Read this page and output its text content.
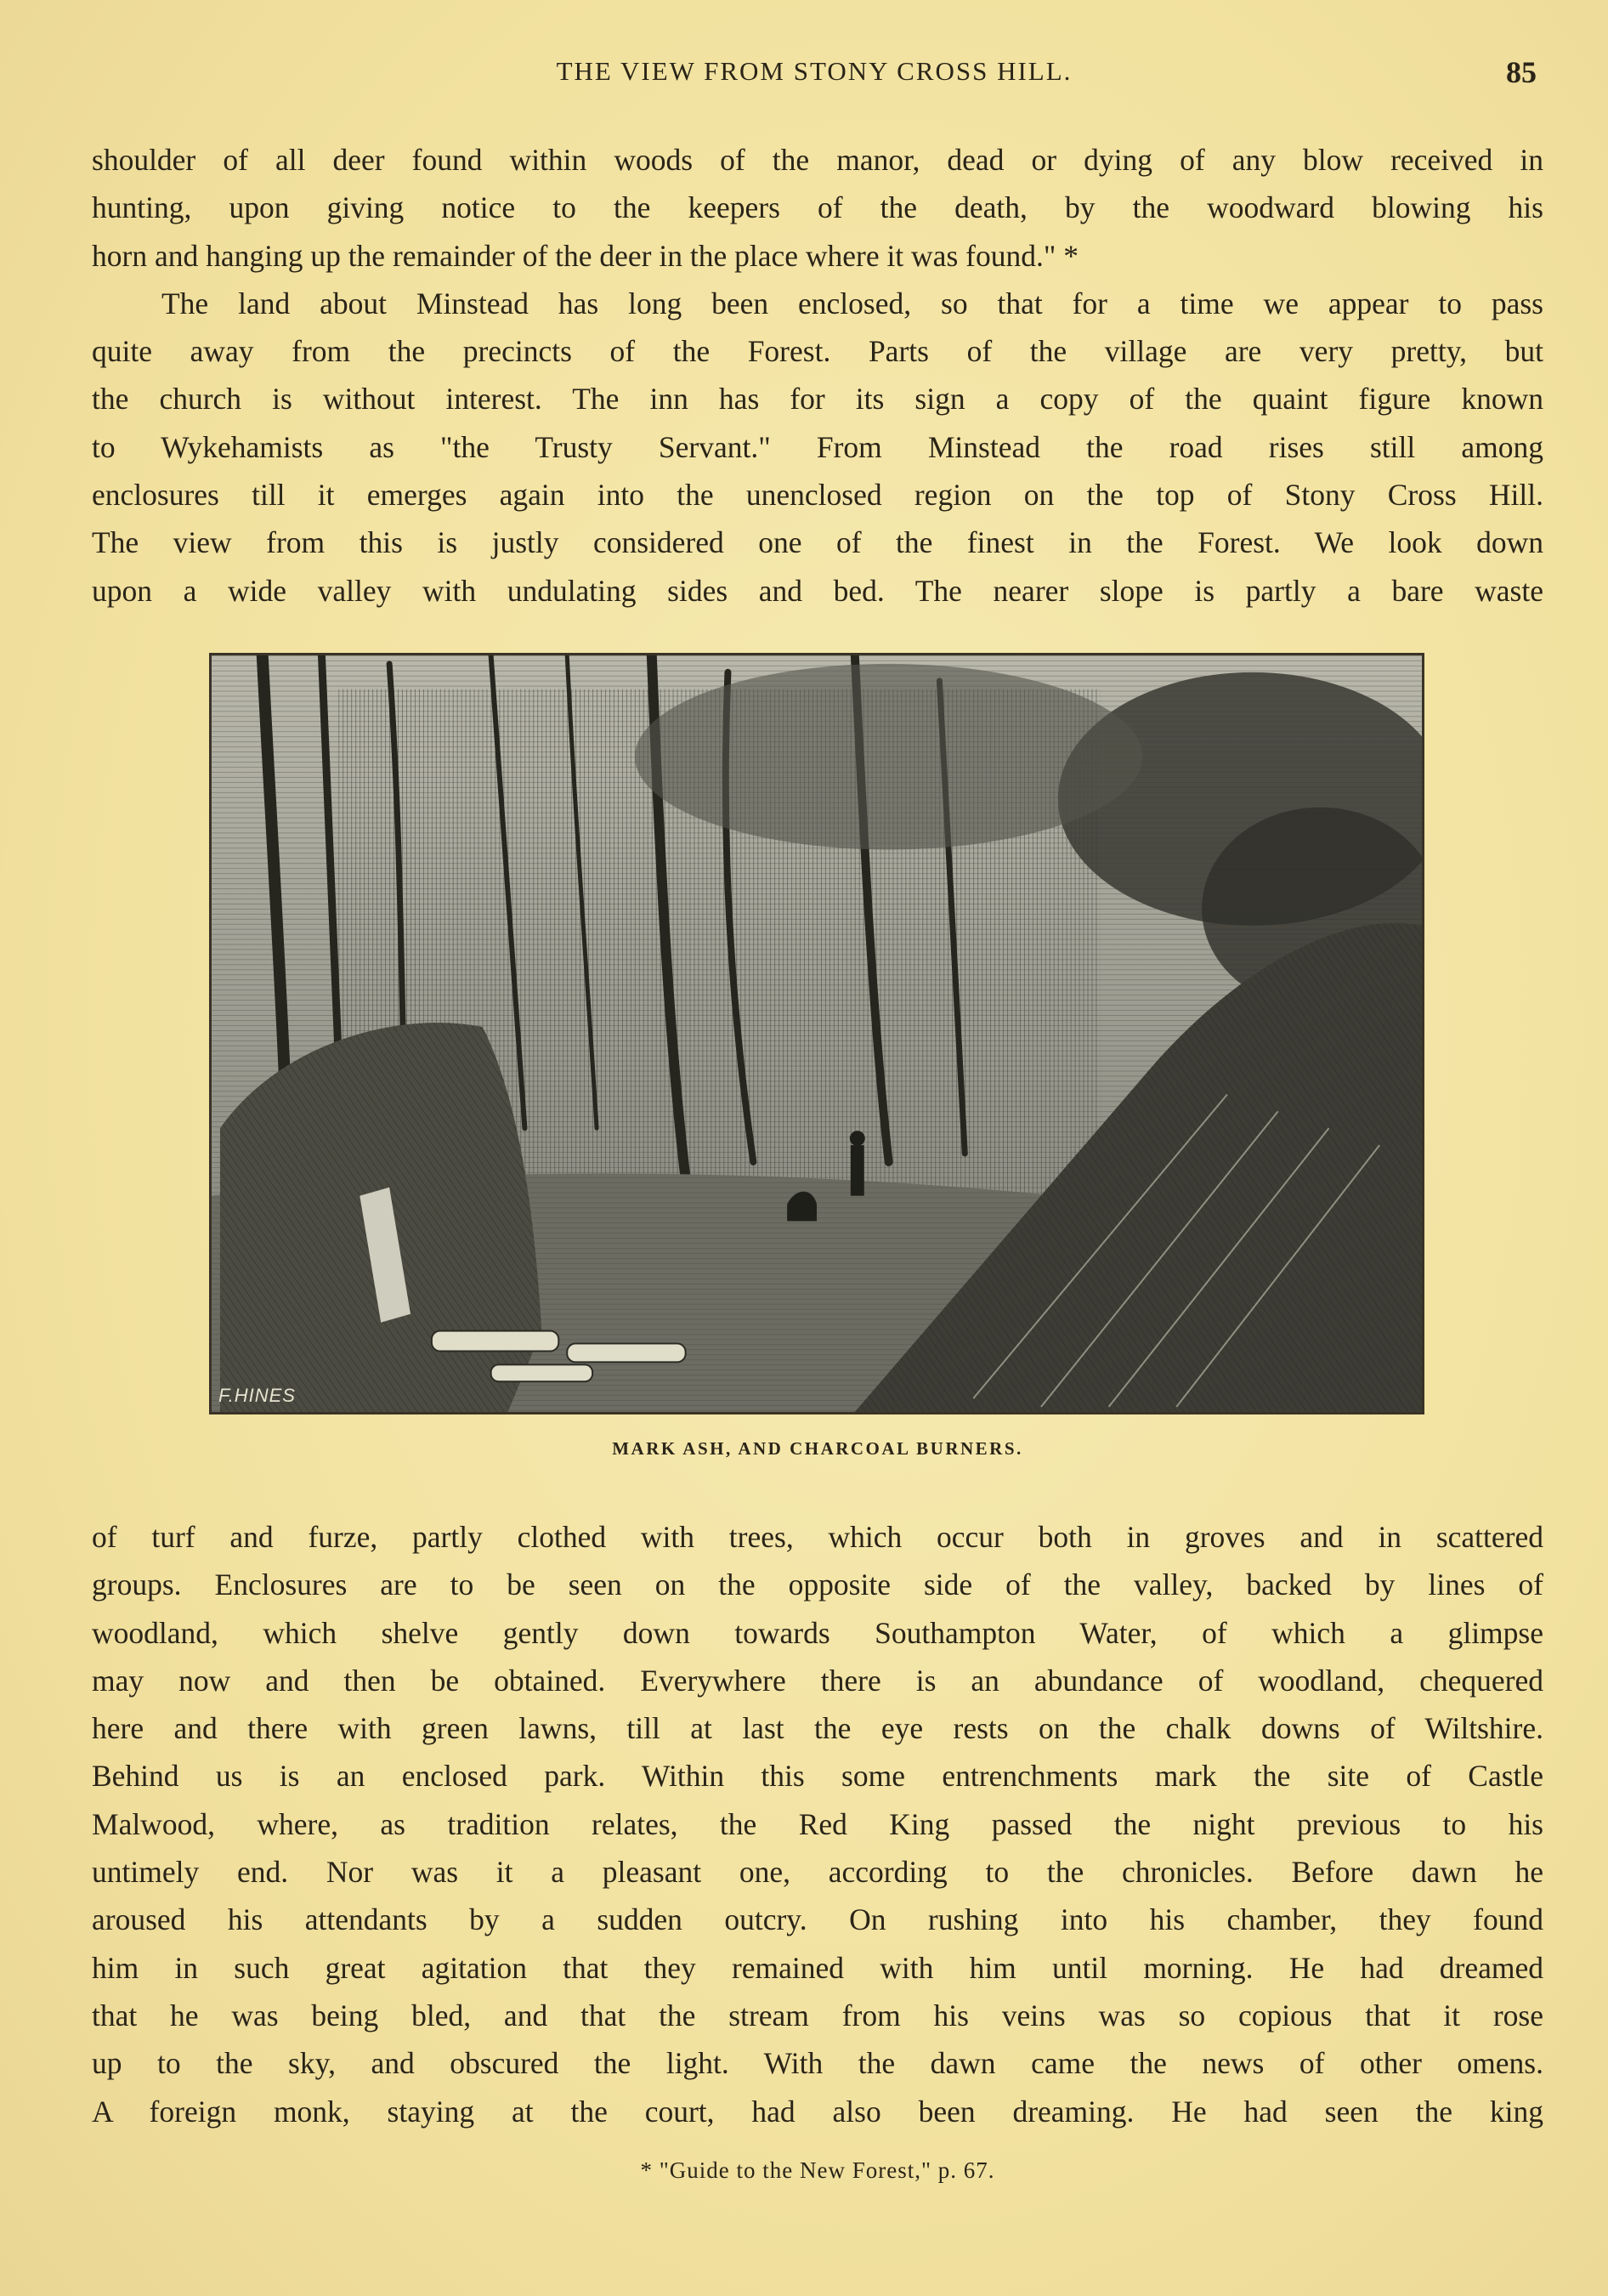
THE VIEW FROM STONY CROSS HILL.	85
shoulder of all deer found within woods of the manor, dead or dying of any blow received in
hunting, upon giving notice to the keepers of the death, by the woodward blowing his
horn and hanging up the remainder of the deer in the place where it was found." *
The land about Minstead has long been enclosed, so that for a time we appear to pass
quite away from the precincts of the Forest. Parts of the village are very pretty, but
the church is without interest. The inn has for its sign a copy of the quaint figure known
to Wykehamists as "the Trusty Servant." From Minstead the road rises still among
enclosures till it emerges again into the unenclosed region on the top of Stony Cross Hill.
The view from this is justly considered one of the finest in the Forest. We look down
upon a wide valley with undulating sides and bed. The nearer slope is partly a bare waste
F.HINES
MARK ASH, AND CHARCOAL BURNERS.
of turf and furze, partly clothed with trees, which occur both in groves and in scattered
groups. Enclosures are to be seen on the opposite side of the valley, backed by lines of
woodland, which shelve gently down towards Southampton Water, of which a glimpse
may now and then be obtained. Everywhere there is an abundance of woodland, chequered
here and there with green lawns, till at last the eye rests on the chalk downs of Wiltshire.
Behind us is an enclosed park. Within this some entrenchments mark the site of Castle
Malwood, where, as tradition relates, the Red King passed the night previous to his
untimely end. Nor was it a pleasant one, according to the chronicles. Before dawn he
aroused his attendants by a sudden outcry. On rushing into his chamber, they found
him in such great agitation that they remained with him until morning. He had dreamed
that he was being bled, and that the stream from his veins was so copious that it rose
up to the sky, and obscured the light. With the dawn came the news of other omens.
A foreign monk, staying at the court, had also been dreaming. He had seen the king
* "Guide to the New Forest," p. 67.
